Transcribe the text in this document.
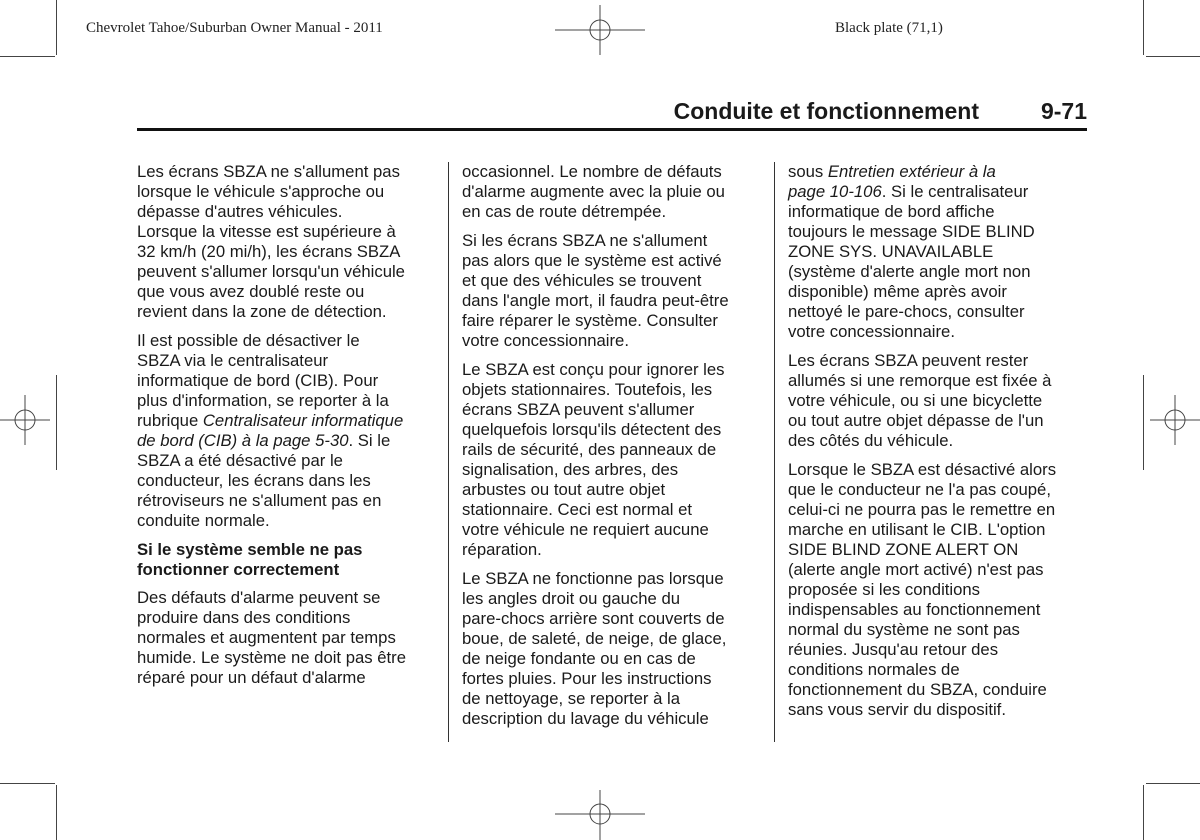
Chevrolet Tahoe/Suburban Owner Manual - 2011	Black plate (71,1)
Conduite et fonctionnement	9-71

Les écrans SBZA ne s'allument pas
lorsque le véhicule s'approche ou
dépasse d'autres véhicules.
Lorsque la vitesse est supérieure à
32 km/h (20 mi/h), les écrans SBZA
peuvent s'allumer lorsqu'un véhicule
que vous avez doublé reste ou
revient dans la zone de détection.

Il est possible de désactiver le
SBZA via le centralisateur
informatique de bord (CIB). Pour
plus d'information, se reporter à la
rubrique Centralisateur informatique
de bord (CIB) à la page 5-30. Si le
SBZA a été désactivé par le
conducteur, les écrans dans les
rétroviseurs ne s'allument pas en
conduite normale.

Si le système semble ne pas
fonctionner correctement

Des défauts d'alarme peuvent se
produire dans des conditions
normales et augmentent par temps
humide. Le système ne doit pas être
réparé pour un défaut d'alarme

occasionnel. Le nombre de défauts
d'alarme augmente avec la pluie ou
en cas de route détrempée.

Si les écrans SBZA ne s'allument
pas alors que le système est activé
et que des véhicules se trouvent
dans l'angle mort, il faudra peut-être
faire réparer le système. Consulter
votre concessionnaire.

Le SBZA est conçu pour ignorer les
objets stationnaires. Toutefois, les
écrans SBZA peuvent s'allumer
quelquefois lorsqu'ils détectent des
rails de sécurité, des panneaux de
signalisation, des arbres, des
arbustes ou tout autre objet
stationnaire. Ceci est normal et
votre véhicule ne requiert aucune
réparation.

Le SBZA ne fonctionne pas lorsque
les angles droit ou gauche du
pare-chocs arrière sont couverts de
boue, de saleté, de neige, de glace,
de neige fondante ou en cas de
fortes pluies. Pour les instructions
de nettoyage, se reporter à la
description du lavage du véhicule

sous Entretien extérieur à la
page 10-106. Si le centralisateur
informatique de bord affiche
toujours le message SIDE BLIND
ZONE SYS. UNAVAILABLE
(système d'alerte angle mort non
disponible) même après avoir
nettoyé le pare-chocs, consulter
votre concessionnaire.

Les écrans SBZA peuvent rester
allumés si une remorque est fixée à
votre véhicule, ou si une bicyclette
ou tout autre objet dépasse de l'un
des côtés du véhicule.

Lorsque le SBZA est désactivé alors
que le conducteur ne l'a pas coupé,
celui-ci ne pourra pas le remettre en
marche en utilisant le CIB. L'option
SIDE BLIND ZONE ALERT ON
(alerte angle mort activé) n'est pas
proposée si les conditions
indispensables au fonctionnement
normal du système ne sont pas
réunies. Jusqu'au retour des
conditions normales de
fonctionnement du SBZA, conduire
sans vous servir du dispositif.
